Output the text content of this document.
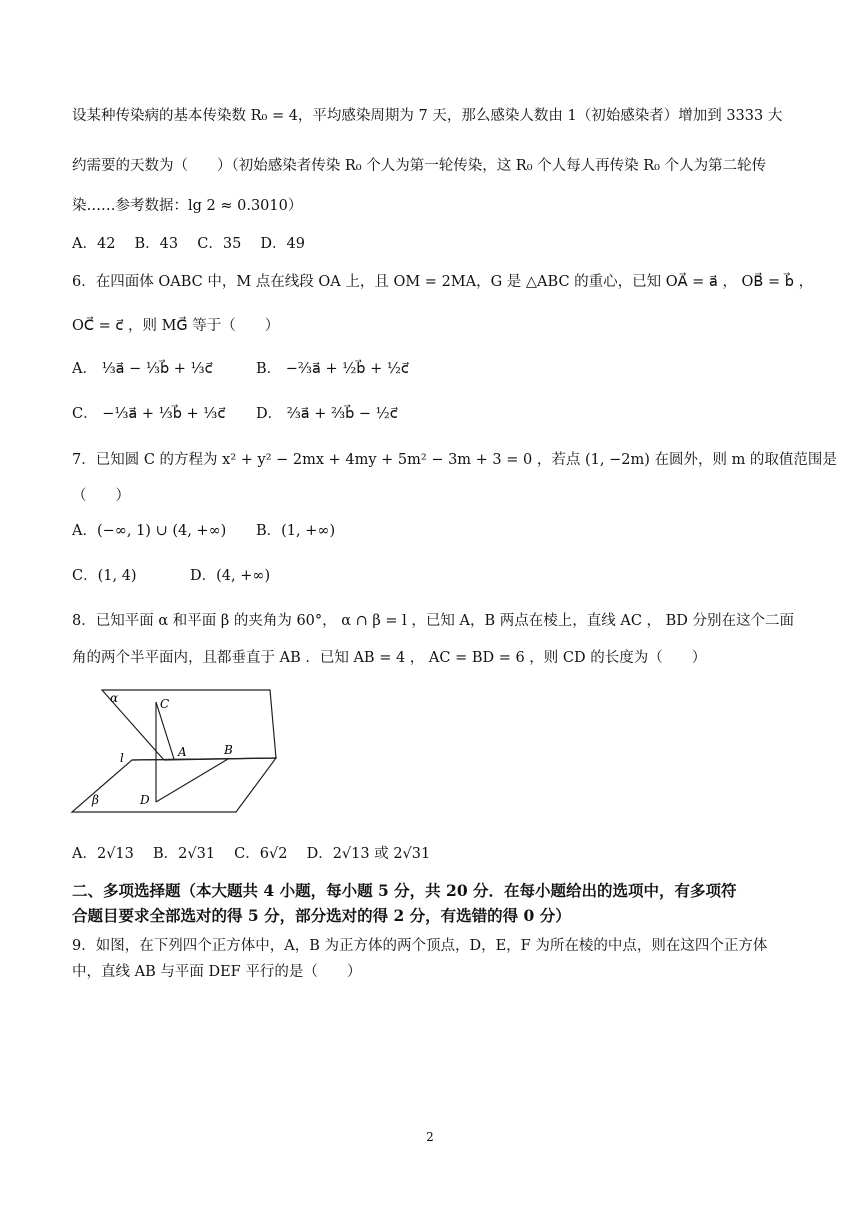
设某种传染病的基本传染数 R₀ = 4，平均感染周期为 7 天，那么感染人数由 1（初始感染者）增加到 3333 大
约需要的天数为（　　）（初始感染者传染 R₀ 个人为第一轮传染，这 R₀ 个人每人再传染 R₀ 个人为第二轮传
染……参考数据：lg 2 ≈ 0.3010）
A．42　 B．43　 C．35　 D．49
6．在四面体 OABC 中，M 点在线段 OA 上，且 OM = 2MA，G 是 △ABC 的重心，已知 OA⃗ = a⃗ ， OB⃗ = b⃗ ，
OC⃗ = c⃗ ，则 MG⃗ 等于（　　）
A． ⅓a⃗ − ⅓b⃗ + ⅓c⃗	B． −⅔a⃗ + ½b⃗ + ½c⃗
C． −⅓a⃗ + ⅓b⃗ + ⅓c⃗ D． ⅔a⃗ + ⅔b⃗ − ½c⃗
7．已知圆 C 的方程为 x² + y² − 2mx + 4my + 5m² − 3m + 3 = 0 ，若点 (1, −2m) 在圆外，则 m 的取值范围是
（　　）
A．(−∞, 1) ∪ (4, +∞) B．(1, +∞)
C．(1, 4)	D．(4, +∞)
8．已知平面 α 和平面 β 的夹角为 60°， α ∩ β = l ，已知 A，B 两点在棱上，直线 AC ， BD 分别在这个二面
角的两个半平面内，且都垂直于 AB ．已知 AB = 4 ， AC = BD = 6 ，则 CD 的长度为（　　）
α
β
l
C
A	B
D
A．2√13　 B．2√31　 C．6√2　 D．2√13 或 2√31
二、多项选择题（本大题共 4 小题，每小题 5 分，共 20 分．在每小题给出的选项中，有多项符
合题目要求全部选对的得 5 分，部分选对的得 2 分，有选错的得 0 分）
9．如图，在下列四个正方体中，A，B 为正方体的两个顶点，D，E，F 为所在棱的中点，则在这四个正方体
中，直线 AB 与平面 DEF 平行的是（　　）
2
